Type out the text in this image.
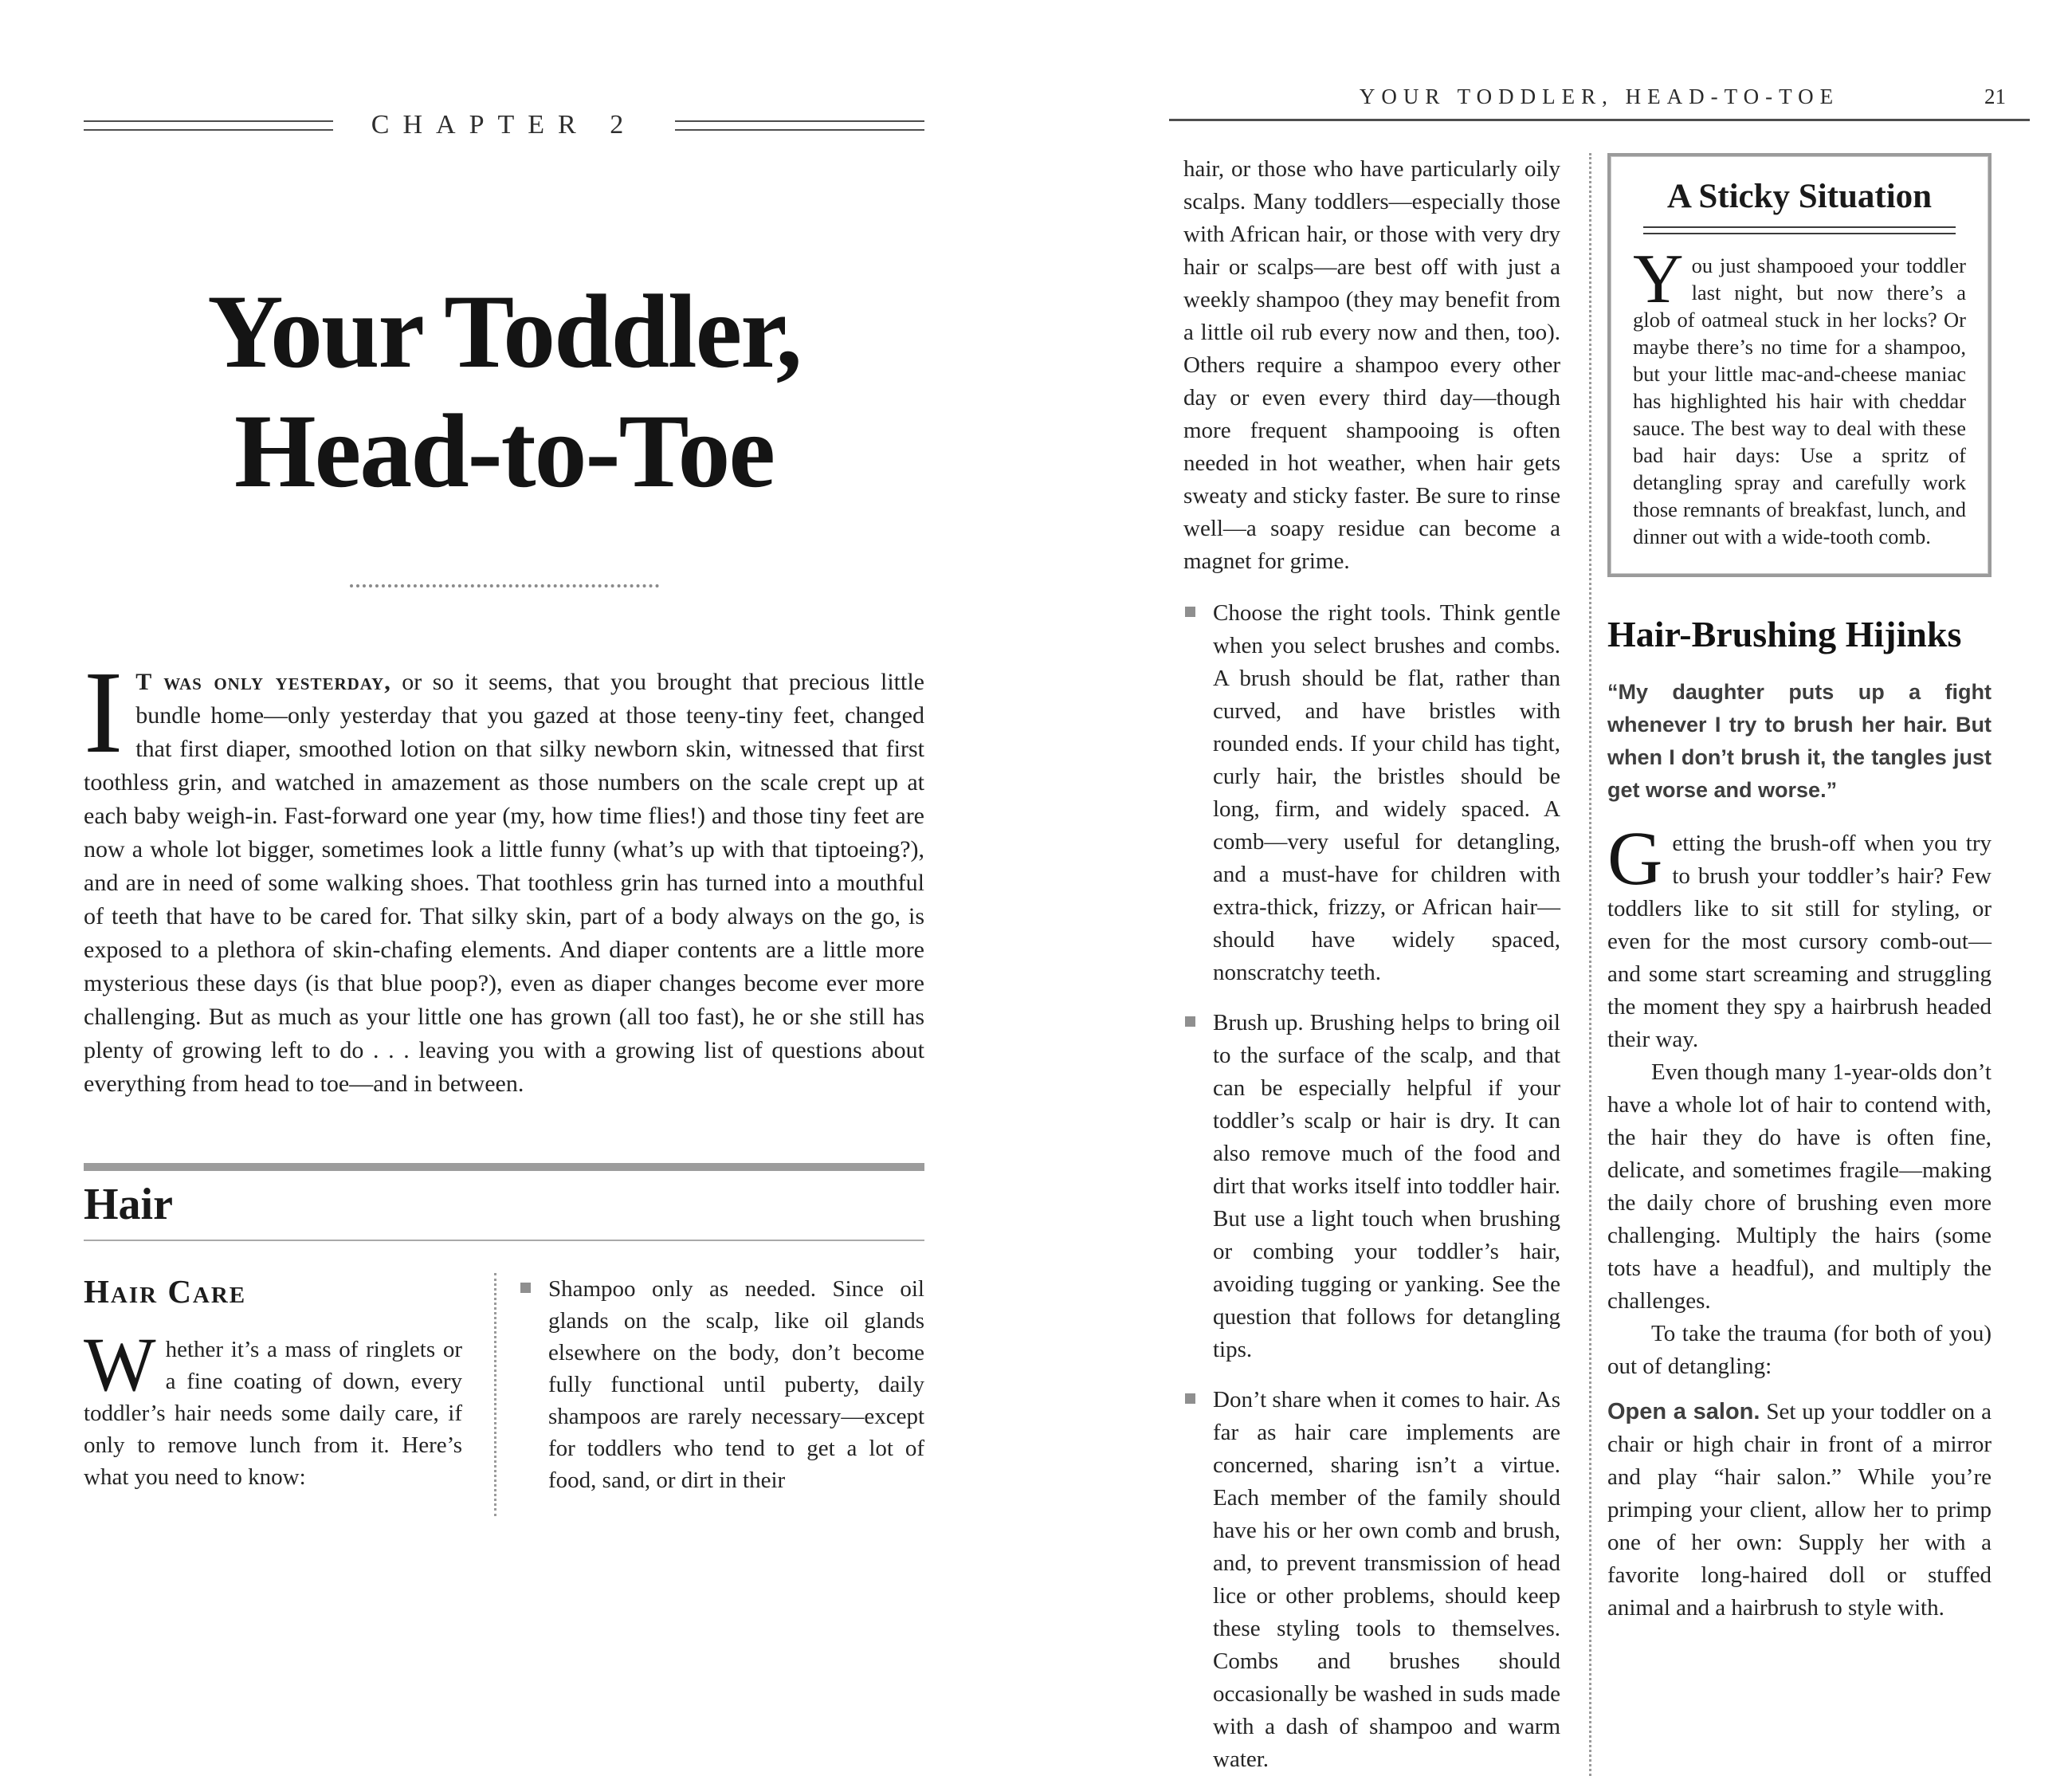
CHAPTER 2
Your Toddler,
Head-to-Toe

I T was only yesterday, or so it seems, that you brought that precious little bundle home—only yesterday that you gazed at those teeny-tiny feet, changed that first diaper, smoothed lotion on that silky newborn skin, witnessed that first toothless grin, and watched in amazement as those numbers on the scale crept up at each baby weigh-in. Fast-forward one year (my, how time flies!) and those tiny feet are now a whole lot bigger, sometimes look a little funny (what’s up with that tiptoeing?), and are in need of some walking shoes. That toothless grin has turned into a mouthful of teeth that have to be cared for. That silky skin, part of a body always on the go, is exposed to a plethora of skin-chafing elements. And diaper contents are a little more mysterious these days (is that blue poop?), even as diaper changes become ever more challenging. But as much as your little one has grown (all too fast), he or she still has plenty of growing left to do . . . leaving you with a growing list of questions about everything from head to toe—and in between.

Hair
Hair Care

Whether it’s a mass of ringlets or a fine coating of down, every toddler’s hair needs some daily care, if only to remove lunch from it. Here’s what you need to know:

Shampoo only as needed. Since oil glands on the scalp, like oil glands elsewhere on the body, don’t become fully functional until puberty, daily shampoos are rarely necessary—except for toddlers who tend to get a lot of food, sand, or dirt in their
YOUR TODDLER, HEAD-TO-TOE	21

hair, or those who have particularly oily scalps. Many toddlers—especially those with African hair, or those with very dry hair or scalps—are best off with just a weekly shampoo (they may benefit from a little oil rub every now and then, too). Others require a shampoo every other day or even every third day—though more frequent shampooing is often needed in hot weather, when hair gets sweaty and sticky faster. Be sure to rinse well—a soapy residue can become a magnet for grime.

Choose the right tools. Think gentle when you select brushes and combs. A brush should be flat, rather than curved, and have bristles with rounded ends. If your child has tight, curly hair, the bristles should be long, firm, and widely spaced. A comb—very useful for detangling, and a must-have for children with extra-thick, frizzy, or African hair—should have widely spaced, nonscratchy teeth.
Brush up. Brushing helps to bring oil to the surface of the scalp, and that can be especially helpful if your toddler’s scalp or hair is dry. It can also remove much of the food and dirt that works itself into toddler hair. But use a light touch when brushing or combing your toddler’s hair, avoiding tugging or yanking. See the question that follows for detangling tips.
Don’t share when it comes to hair. As far as hair care implements are concerned, sharing isn’t a virtue. Each member of the family should have his or her own comb and brush, and, to prevent transmission of head lice or other problems, should keep these styling tools to themselves. Combs and brushes should occasionally be washed in suds made with a dash of shampoo and warm water.
A Sticky Situation

You just shampooed your toddler last night, but now there’s a glob of oatmeal stuck in her locks? Or maybe there’s no time for a shampoo, but your little mac-and-cheese maniac has highlighted his hair with cheddar sauce. The best way to deal with these bad hair days: Use a spritz of detangling spray and carefully work those remnants of breakfast, lunch, and dinner out with a wide-tooth comb.

Hair-Brushing Hijinks

“My daughter puts up a fight whenever I try to brush her hair. But when I don’t brush it, the tangles just get worse and worse.”

Getting the brush-off when you try to brush your toddler’s hair? Few toddlers like to sit still for styling, or even for the most cursory comb-out—and some start screaming and struggling the moment they spy a hairbrush headed their way.

Even though many 1-year-olds don’t have a whole lot of hair to contend with, the hair they do have is often fine, delicate, and sometimes fragile—making the daily chore of brushing even more challenging. Multiply the hairs (some tots have a headful), and multiply the challenges.

To take the trauma (for both of you) out of detangling:

Open a salon. Set up your toddler on a chair or high chair in front of a mirror and play “hair salon.” While you’re primping your client, allow her to primp one of her own: Supply her with a favorite long-haired doll or stuffed animal and a hairbrush to style with.
